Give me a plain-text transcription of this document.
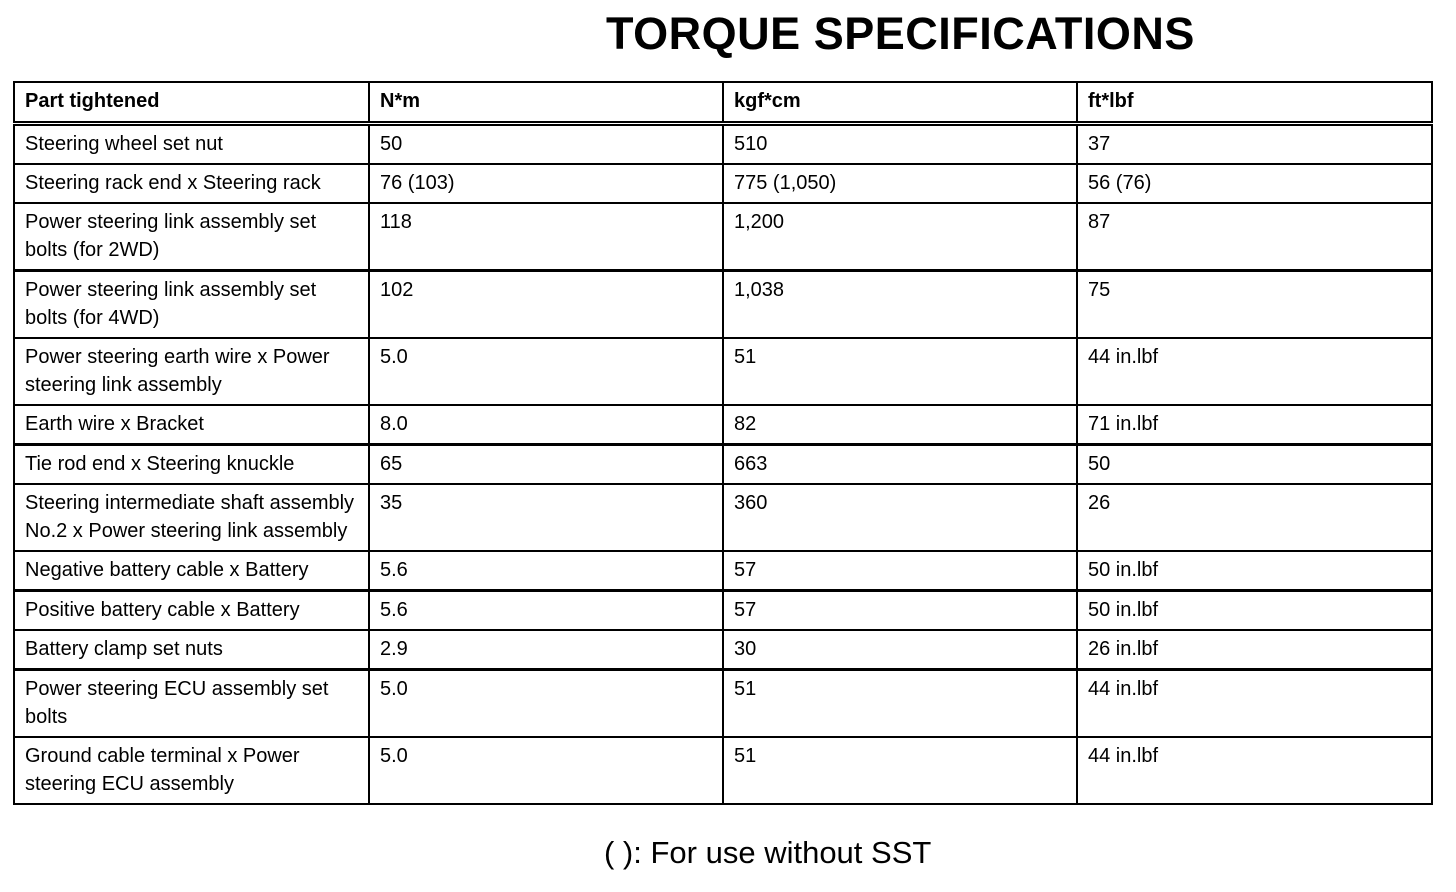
TORQUE SPECIFICATIONS
Part tightened	N*m	kgf*cm	ft*lbf
Steering wheel set nut	50	510	37
Steering rack end x Steering rack	76 (103)	775 (1,050)	56 (76)
Power steering link assembly set bolts (for 2WD)	118	1,200	87
Power steering link assembly set bolts (for 4WD)	102	1,038	75
Power steering earth wire x Power steering link assembly	5.0	51	44 in.lbf
Earth wire x Bracket	8.0	82	71 in.lbf
Tie rod end x Steering knuckle	65	663	50
Steering intermediate shaft assembly No.2 x Power steering link assembly	35	360	26
Negative battery cable x Battery	5.6	57	50 in.lbf
Positive battery cable x Battery	5.6	57	50 in.lbf
Battery clamp set nuts	2.9	30	26 in.lbf
Power steering ECU assembly set bolts	5.0	51	44 in.lbf
Ground cable terminal x Power steering ECU assembly	5.0	51	44 in.lbf
( ): For use without SST
